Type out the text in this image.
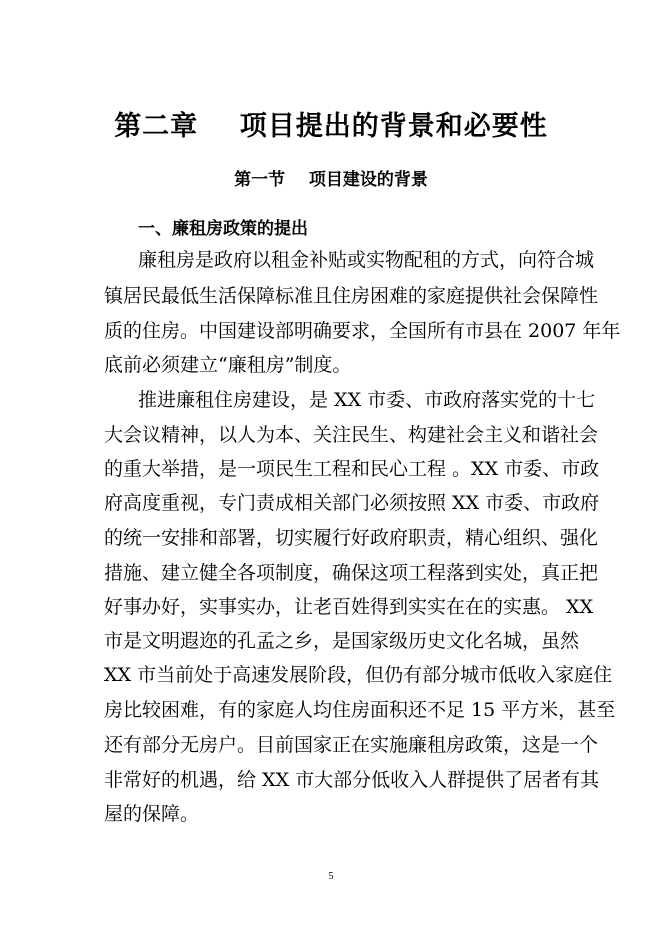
第二章    项目提出的背景和必要性
第一节    项目建设的背景
一、廉租房政策的提出
廉租房是政府以租金补贴或实物配租的方式，向符合城
镇居民最低生活保障标准且住房困难的家庭提供社会保障性
质的住房。中国建设部明确要求，全国所有市县在 2007 年年
底前必须建立“廉租房”制度。
推进廉租住房建设，是 XX 市委、市政府落实党的十七
大会议精神，以人为本、关注民生、构建社会主义和谐社会
的重大举措，是一项民生工程和民心工程 。XX 市委、市政
府高度重视，专门责成相关部门必须按照 XX 市委、市政府
的统一安排和部署，切实履行好政府职责，精心组织、强化
措施、建立健全各项制度，确保这项工程落到实处，真正把
好事办好，实事实办，让老百姓得到实实在在的实惠。 XX
市是文明遐迩的孔孟之乡，是国家级历史文化名城，虽然
XX 市当前处于高速发展阶段，但仍有部分城市低收入家庭住
房比较困难，有的家庭人均住房面积还不足 15 平方米，甚至
还有部分无房户。目前国家正在实施廉租房政策，这是一个
非常好的机遇，给 XX 市大部分低收入人群提供了居者有其
屋的保障。
5
